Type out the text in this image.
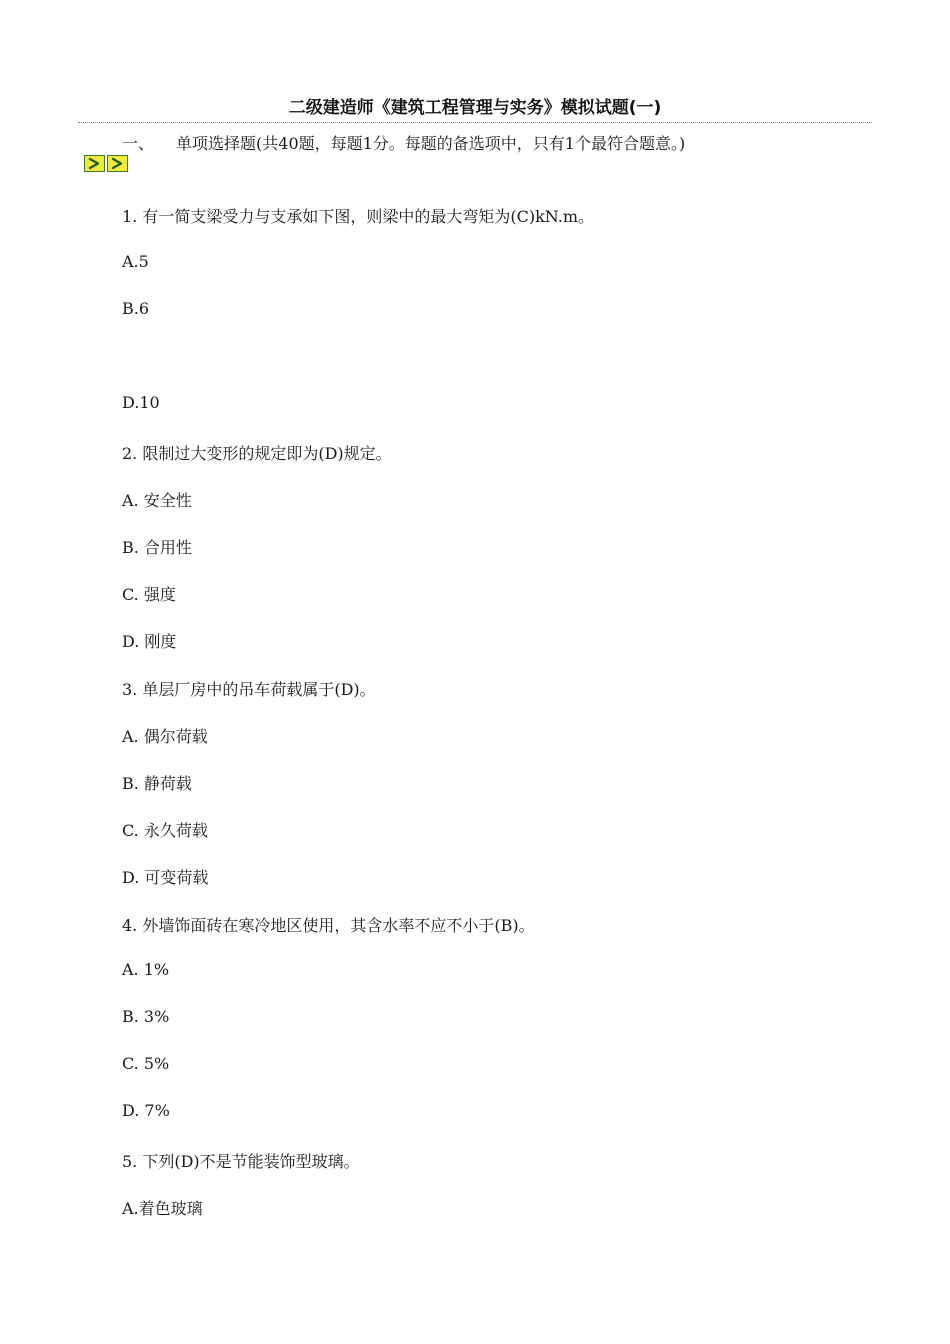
二级建造师《建筑工程管理与实务》模拟试题(一)
一、 单项选择题(共40题，每题1分。每题的备选项中，只有1个最符合题意。)
1. 有一简支梁受力与支承如下图，则梁中的最大弯矩为(C)kN.m。
A.5
B.6
D.10
2. 限制过大变形的规定即为(D)规定。
A. 安全性
B. 合用性
C. 强度
D. 刚度
3. 单层厂房中的吊车荷载属于(D)。
A. 偶尔荷载
B. 静荷载
C. 永久荷载
D. 可变荷载
4. 外墙饰面砖在寒冷地区使用，其含水率不应不小于(B)。
A. 1%
B. 3%
C. 5%
D. 7%
5. 下列(D)不是节能装饰型玻璃。
A.着色玻璃
